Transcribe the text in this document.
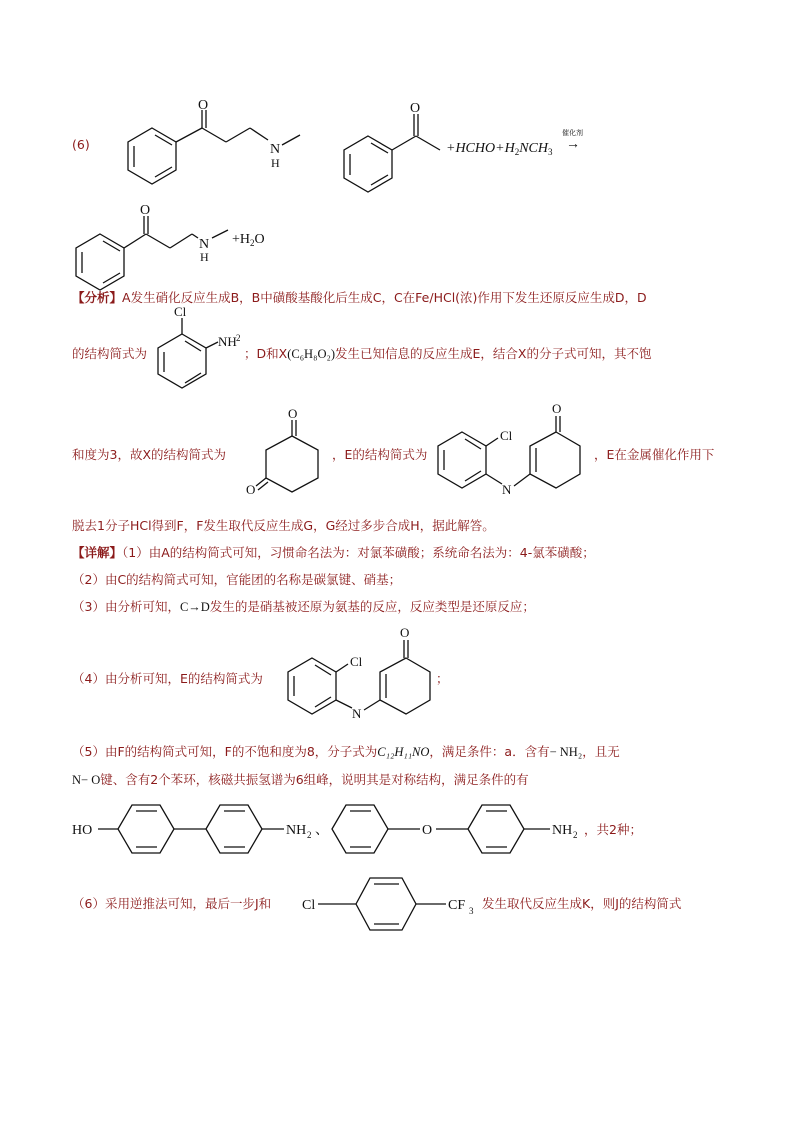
(6)
O
N
H
O
O
N
H
$+HCHO+H_2NCH_3$
催化剂
→
$+H_2O$
【分析】A发生硝化反应生成B，B中磺酸基酸化后生成C，C在Fe/HCl(浓)作用下发生还原反应生成D，D
的结构简式为
Cl
NH 2
；D和X(C₆H₈O₂)发生已知信息的反应生成E，结合X的分子式可知，其不饱
和度为3，故X的结构简式为
O
O
，E的结构简式为
Cl
N
O
，E在金属催化作用下
脱去1分子HCl得到F，F发生取代反应生成G，G经过多步合成H，据此解答。
【详解】（1）由A的结构简式可知，习惯命名法为：对氯苯磺酸；系统命名法为：4-氯苯磺酸；
（2）由C的结构简式可知，官能团的名称是碳氯键、硝基；
（3）由分析可知，C→D发生的是硝基被还原为氨基的反应，反应类型是还原反应；
（4）由分析可知，E的结构简式为
Cl
N
O
；
（5）由F的结构简式可知，F的不饱和度为8，分子式为C₁₂H₁₁NO，满足条件：a．含有− NH₂，且无
N− O键、含有2个苯环，核磁共振氢谱为6组峰，说明其是对称结构，满足条件的有
HO	NH 2 、	O	NH 2 ，共2种；
（6）采用逆推法可知，最后一步J和 Cl	CF 3 发生取代反应生成K，则J的结构简式
